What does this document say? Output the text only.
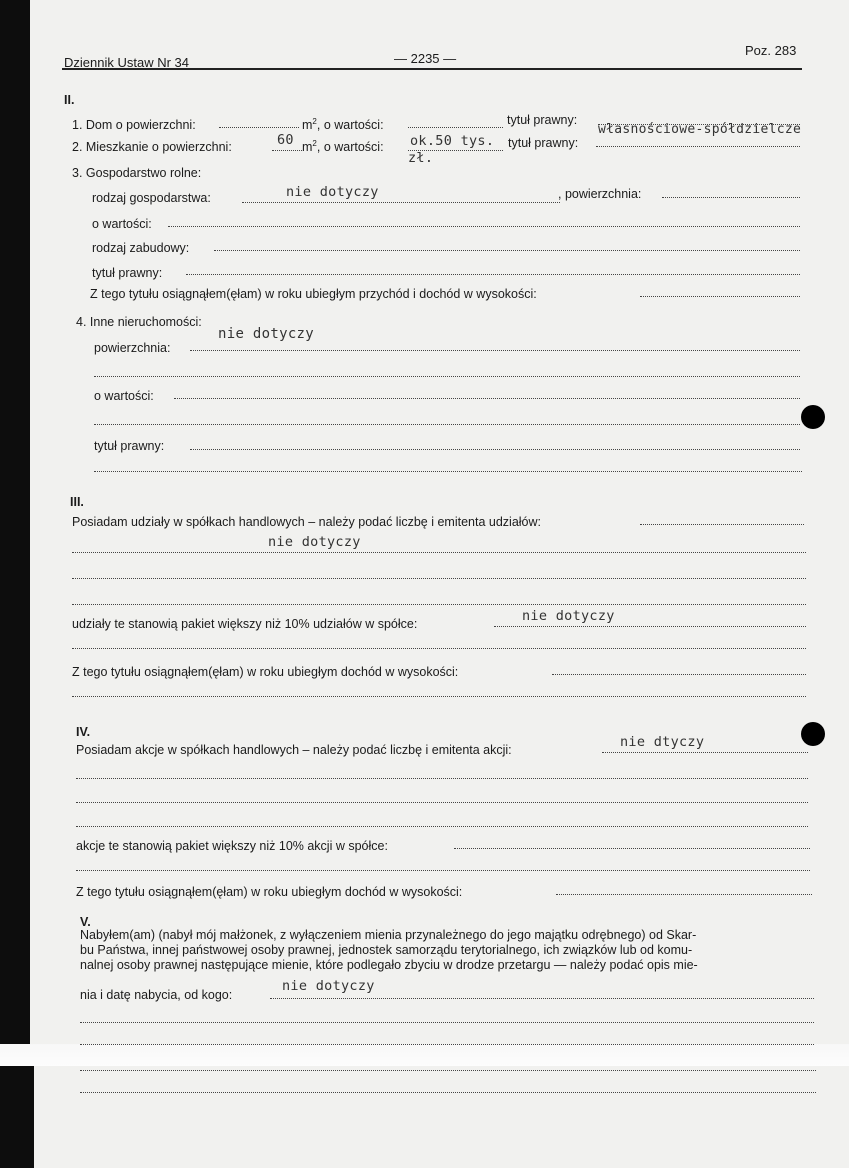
Dziennik Ustaw Nr 34	— 2235 —
Poz. 283
II.
1. Dom o powierzchni:	$m^2$, o wartości:	tytuł prawny:
2. Mieszkanie o powierzchni:	60 $m^2$, o wartości: ok.50 tys.
zł.
tytuł prawny:
własnościowe-spółdzielcze
3. Gospodarstwo rolne:
rodzaj gospodarstwa:	nie dotyczy	, powierzchnia:
o wartości:
rodzaj zabudowy:
tytuł prawny:
Z tego tytułu osiągnąłem(ęłam) w roku ubiegłym przychód i dochód w wysokości:
4. Inne nieruchomości:
nie dotyczy
powierzchnia:
o wartości:
tytuł prawny:
III.
Posiadam udziały w spółkach handlowych – należy podać liczbę i emitenta udziałów:
nie dotyczy
udziały te stanowią pakiet większy niż 10% udziałów w spółce:	nie dotyczy
Z tego tytułu osiągnąłem(ęłam) w roku ubiegłym dochód w wysokości:
IV.
Posiadam akcje w spółkach handlowych – należy podać liczbę i emitenta akcji:	nie dtyczy
akcje te stanowią pakiet większy niż 10% akcji w spółce:
Z tego tytułu osiągnąłem(ęłam) w roku ubiegłym dochód w wysokości:
V.
Nabyłem(am) (nabył mój małżonek, z wyłączeniem mienia przynależnego do jego majątku odrębnego) od Skar-
bu Państwa, innej państwowej osoby prawnej, jednostek samorządu terytorialnego, ich związków lub od komu-
nalnej osoby prawnej następujące mienie, które podlegało zbyciu w drodze przetargu — należy podać opis mie-
nia i datę nabycia, od kogo:
nie dotyczy
